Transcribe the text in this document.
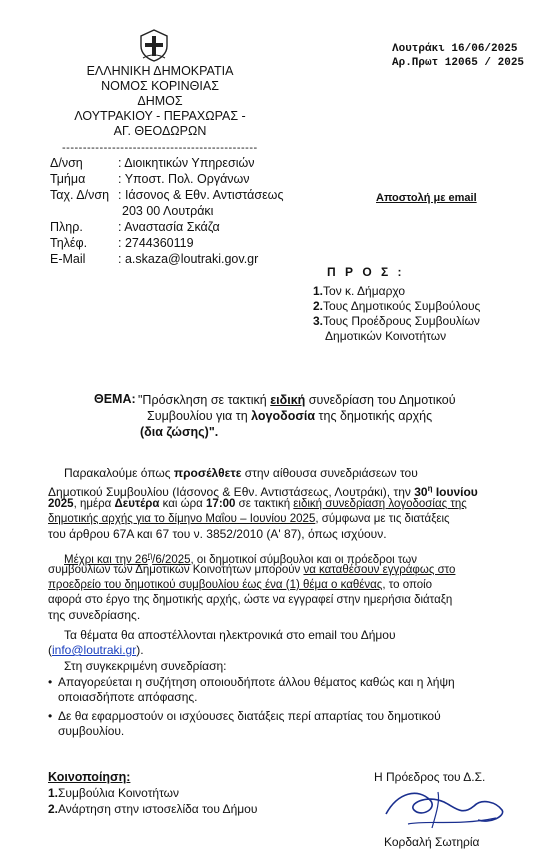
ΕΛΛΗΝΙΚΗ ΔΗΜΟΚΡΑΤΙΑ
ΝΟΜΟΣ ΚΟΡΙΝΘΙΑΣ
ΔΗΜΟΣ
ΛΟΥΤΡΑΚΙΟΥ - ΠΕΡΑΧΩΡΑΣ -
ΑΓ. ΘΕΟΔΩΡΩΝ
-----------------------------------------------
Λουτράκι 16/06/2025
Αρ.Πρωτ 12065 / 2025
Δ/νση	: Διοικητικών Υπηρεσιών
Τμήμα	: Υποστ. Πολ. Οργάνων
Ταχ. Δ/νση : Ιάσονος & Εθν. Αντιστάσεως
203 00 Λουτράκι
Πληρ.	: Αναστασία Σκάζα
Τηλέφ. : 2744360119
E-Mail	: a.skaza@loutraki.gov.gr
Αποστολή με email
Π Ρ Ο Σ :
1.Τον κ. Δήμαρχο
2.Τους Δημοτικούς Συμβούλους
3.Τους Προέδρους Συμβουλίων
Δημοτικών Κοινοτήτων
ΘΕΜΑ: "Πρόσκληση σε τακτική ειδική συνεδρίαση του Δημοτικού
Συμβουλίου για τη λογοδοσία της δημοτικής αρχής
(δια ζώσης)".
Παρακαλούμε όπως προσέλθετε στην αίθουσα συνεδριάσεων του
Δημοτικού Συμβουλίου (Ιάσονος & Εθν. Αντιστάσεως, Λουτράκι), την $30^\eta$ Ιουνίου
2025, ημέρα Δευτέρα και ώρα 17:00 σε τακτική ειδική συνεδρίαση λογοδοσίας της
δημοτικής αρχής για το δίμηνο Μαΐου – Ιουνίου 2025, σύμφωνα με τις διατάξεις
του άρθρου 67Α και 67 του ν. 3852/2010 (Α' 87), όπως ισχύουν.
Μέχρι και την $26^\eta/6/2025$, οι δημοτικοί σύμβουλοι και οι πρόεδροι των
συμβουλίων των Δημοτικών Κοινοτήτων μπορούν να καταθέσουν εγγράφως στο
προεδρείο του δημοτικού συμβουλίου έως ένα (1) θέμα ο καθένας, το οποίο
αφορά στο έργο της δημοτικής αρχής, ώστε να εγγραφεί στην ημερήσια διάταξη
της συνεδρίασης.
Τα θέματα θα αποστέλλονται ηλεκτρονικά στο email του Δήμου
(info@loutraki.gr).
Στη συγκεκριμένη συνεδρίαση:
• Απαγορεύεται η συζήτηση οποιουδήποτε άλλου θέματος καθώς και η λήψη
οποιασδήποτε απόφασης.
• Δε θα εφαρμοστούν οι ισχύουσες διατάξεις περί απαρτίας του δημοτικού
συμβουλίου.
Κοινοποίηση:
1.Συμβούλια Κοινοτήτων
2.Ανάρτηση στην ιστοσελίδα του Δήμου
Η Πρόεδρος του Δ.Σ.
Κορδαλή Σωτηρία
